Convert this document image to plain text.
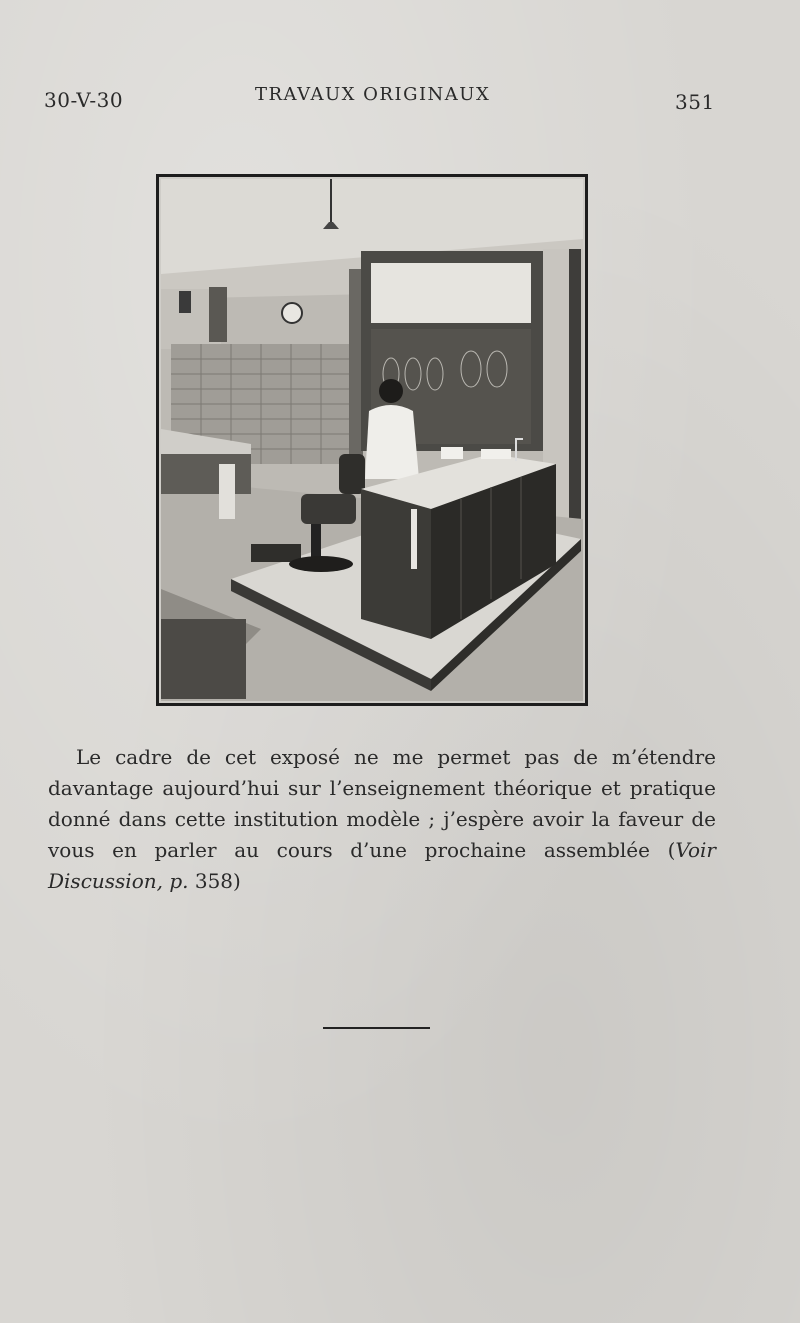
30-V-30	TRAVAUX ORIGINAUX	351

Le cadre de cet exposé ne me permet pas de m’étendre davantage aujourd’hui sur l’enseignement théorique et pratique donné dans cette institution modèle ; j’espère avoir la faveur de vous en parler au cours d’une prochaine assemblée (Voir Discussion, p. 358)
